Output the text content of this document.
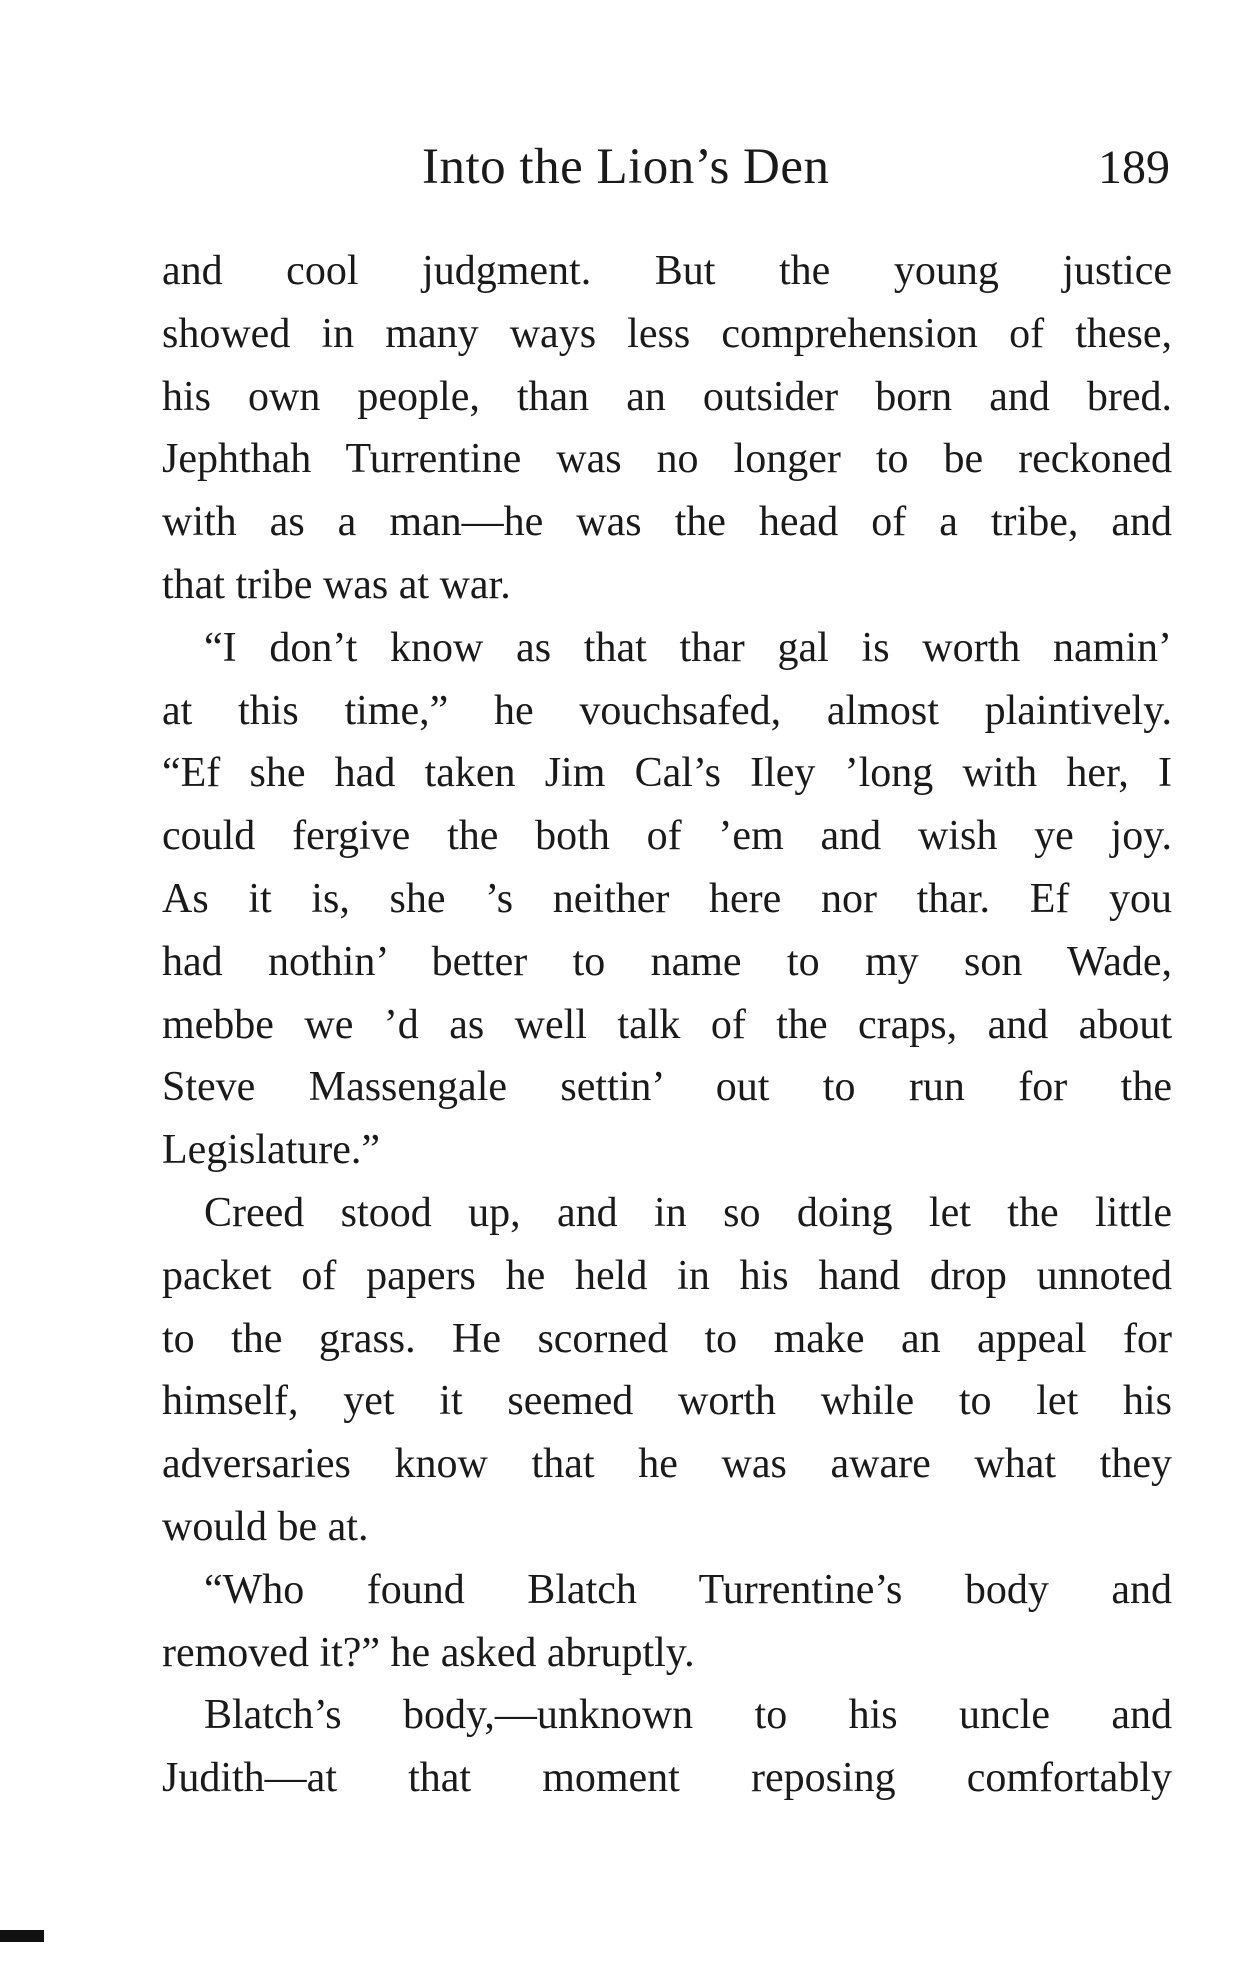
Into the Lion’s Den	189
and cool judgment. But the young justice
showed in many ways less comprehension of these,
his own people, than an outsider born and bred.
Jephthah Turrentine was no longer to be reckoned
with as a man—he was the head of a tribe, and
that tribe was at war.
“I don’t know as that thar gal is worth namin’
at this time,” he vouchsafed, almost plaintively.
“Ef she had taken Jim Cal’s Iley ’long with her, I
could fergive the both of ’em and wish ye joy.
As it is, she ’s neither here nor thar. Ef you
had nothin’ better to name to my son Wade,
mebbe we ’d as well talk of the craps, and about
Steve Massengale settin’ out to run for the
Legislature.”
Creed stood up, and in so doing let the little
packet of papers he held in his hand drop unnoted
to the grass. He scorned to make an appeal for
himself, yet it seemed worth while to let his
adversaries know that he was aware what they
would be at.
“Who found Blatch Turrentine’s body and
removed it?” he asked abruptly.
Blatch’s body,—unknown to his uncle and
Judith—at that moment reposing comfortably
